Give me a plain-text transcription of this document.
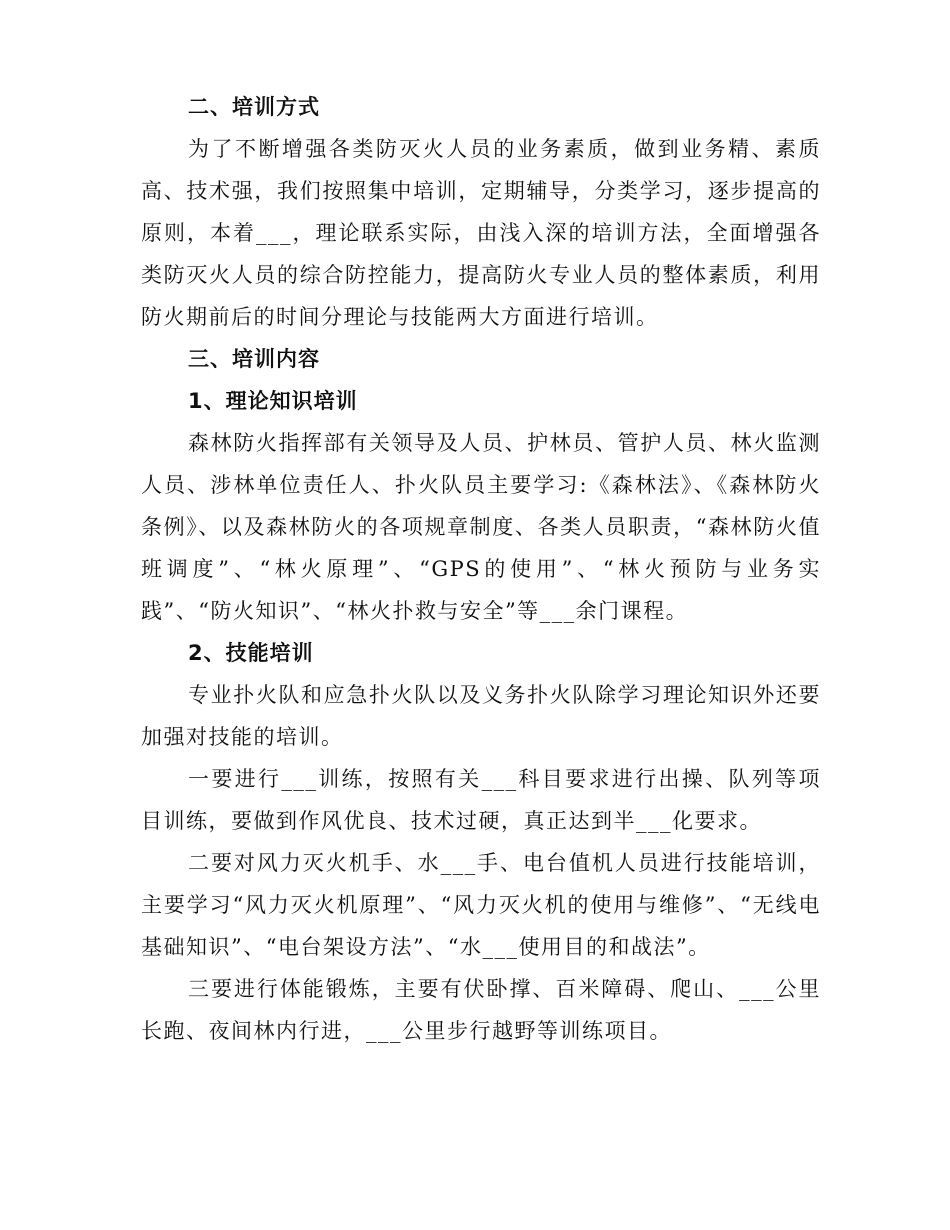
二、培训方式

为了不断增强各类防灭火人员的业务素质，做到业务精、素质高、技术强，我们按照集中培训，定期辅导，分类学习，逐步提高的原则，本着___，理论联系实际，由浅入深的培训方法，全面增强各类防灭火人员的综合防控能力，提高防火专业人员的整体素质，利用防火期前后的时间分理论与技能两大方面进行培训。

三、培训内容
1、理论知识培训

森林防火指挥部有关领导及人员、护林员、管护人员、林火监测人员、涉林单位责任人、扑火队员主要学习:《森林法》、《森林防火条例》、以及森林防火的各项规章制度、各类人员职责，“森林防火值班调度”、“林火原理”、“GPS的使用”、“林火预防与业务实践”、“防火知识”、“林火扑救与安全”等___余门课程。

2、技能培训

专业扑火队和应急扑火队以及义务扑火队除学习理论知识外还要加强对技能的培训。

一要进行___训练，按照有关___科目要求进行出操、队列等项目训练，要做到作风优良、技术过硬，真正达到半___化要求。

二要对风力灭火机手、水___手、电台值机人员进行技能培训，主要学习“风力灭火机原理”、“风力灭火机的使用与维修”、“无线电基础知识”、“电台架设方法”、“水___使用目的和战法”。

三要进行体能锻炼，主要有伏卧撑、百米障碍、爬山、___公里长跑、夜间林内行进，___公里步行越野等训练项目。
